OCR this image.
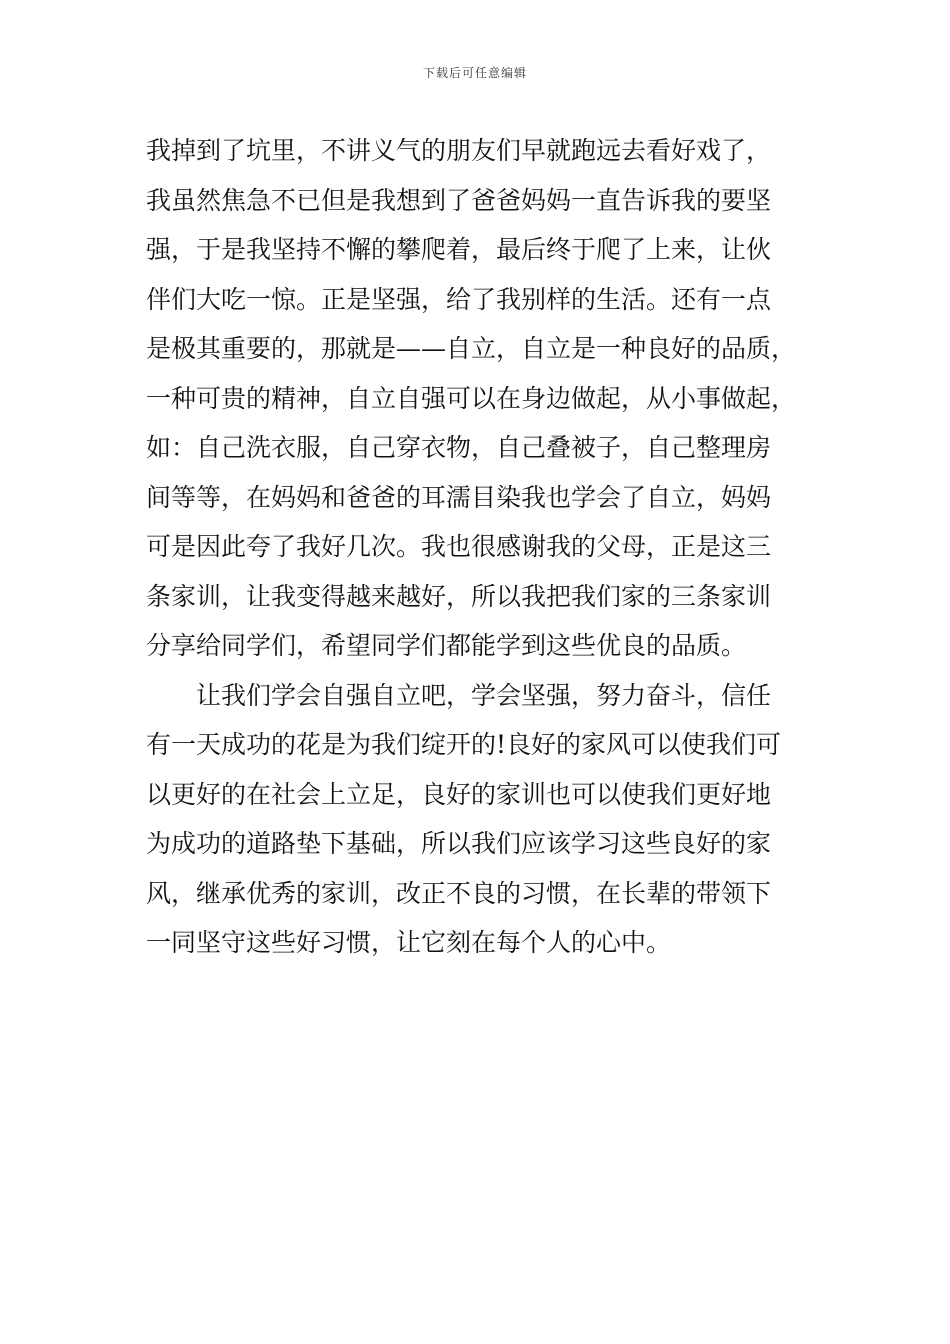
下载后可任意编辑
我掉到了坑里，不讲义气的朋友们早就跑远去看好戏了，
我虽然焦急不已但是我想到了爸爸妈妈一直告诉我的要坚
强，于是我坚持不懈的攀爬着，最后终于爬了上来，让伙
伴们大吃一惊。正是坚强，给了我别样的生活。还有一点
是极其重要的，那就是——自立，自立是一种良好的品质，
一种可贵的精神，自立自强可以在身边做起，从小事做起，
如：自己洗衣服，自己穿衣物，自己叠被子，自己整理房
间等等，在妈妈和爸爸的耳濡目染我也学会了自立，妈妈
可是因此夸了我好几次。我也很感谢我的父母，正是这三
条家训，让我变得越来越好，所以我把我们家的三条家训
分享给同学们，希望同学们都能学到这些优良的品质。
让我们学会自强自立吧，学会坚强，努力奋斗，信任
有一天成功的花是为我们绽开的!良好的家风可以使我们可
以更好的在社会上立足，良好的家训也可以使我们更好地
为成功的道路垫下基础，所以我们应该学习这些良好的家
风，继承优秀的家训，改正不良的习惯，在长辈的带领下
一同坚守这些好习惯，让它刻在每个人的心中。
